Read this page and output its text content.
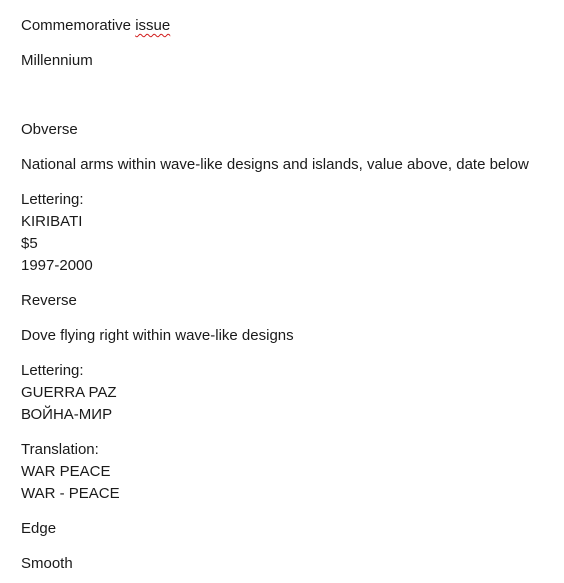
Commemorative issue

Millennium

Obverse

National arms within wave-like designs and islands, value above, date below

Lettering:

KIRIBATI

$5

1997-2000

Reverse

Dove flying right within wave-like designs

Lettering:

GUERRA PAZ

ВОЙНА-МИР

Translation:

WAR PEACE

WAR - PEACE

Edge

Smooth
